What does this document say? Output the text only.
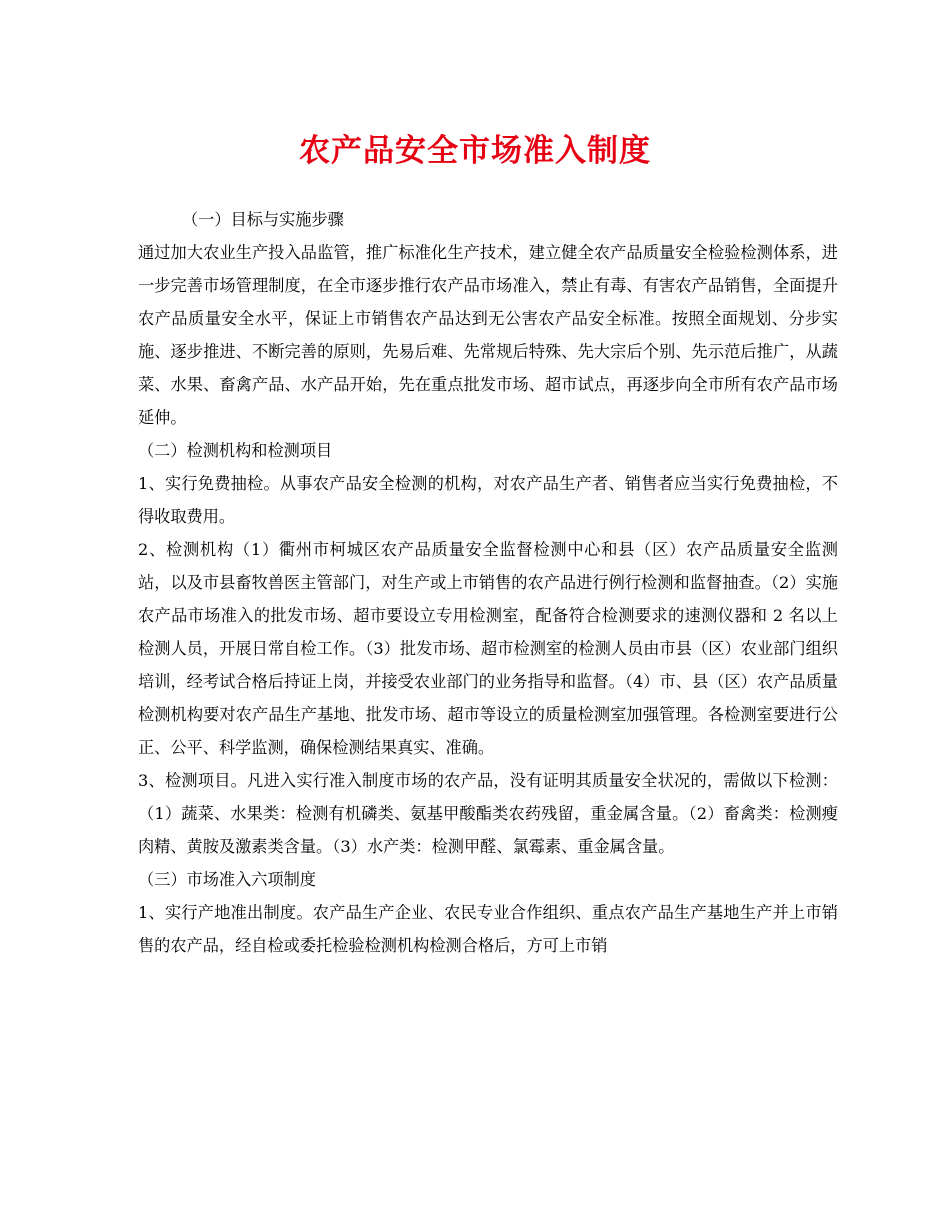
农产品安全市场准入制度

（一）目标与实施步骤

通过加大农业生产投入品监管，推广标准化生产技术，建立健全农产品质量安全检验检测体系，进一步完善市场管理制度，在全市逐步推行农产品市场准入，禁止有毒、有害农产品销售，全面提升农产品质量安全水平，保证上市销售农产品达到无公害农产品安全标准。按照全面规划、分步实施、逐步推进、不断完善的原则，先易后难、先常规后特殊、先大宗后个别、先示范后推广，从蔬菜、水果、畜禽产品、水产品开始，先在重点批发市场、超市试点，再逐步向全市所有农产品市场延伸。

（二）检测机构和检测项目

1、实行免费抽检。从事农产品安全检测的机构，对农产品生产者、销售者应当实行免费抽检，不得收取费用。

2、检测机构（1）衢州市柯城区农产品质量安全监督检测中心和县（区）农产品质量安全监测站，以及市县畜牧兽医主管部门，对生产或上市销售的农产品进行例行检测和监督抽查。（2）实施农产品市场准入的批发市场、超市要设立专用检测室，配备符合检测要求的速测仪器和 2 名以上检测人员，开展日常自检工作。（3）批发市场、超市检测室的检测人员由市县（区）农业部门组织培训，经考试合格后持证上岗，并接受农业部门的业务指导和监督。（4）市、县（区）农产品质量检测机构要对农产品生产基地、批发市场、超市等设立的质量检测室加强管理。各检测室要进行公正、公平、科学监测，确保检测结果真实、准确。

3、检测项目。凡进入实行准入制度市场的农产品，没有证明其质量安全状况的，需做以下检测：（1）蔬菜、水果类：检测有机磷类、氨基甲酸酯类农药残留，重金属含量。（2）畜禽类：检测瘦肉精、黄胺及激素类含量。（3）水产类：检测甲醛、氯霉素、重金属含量。

（三）市场准入六项制度

1、实行产地准出制度。农产品生产企业、农民专业合作组织、重点农产品生产基地生产并上市销售的农产品，经自检或委托检验检测机构检测合格后，方可上市销
